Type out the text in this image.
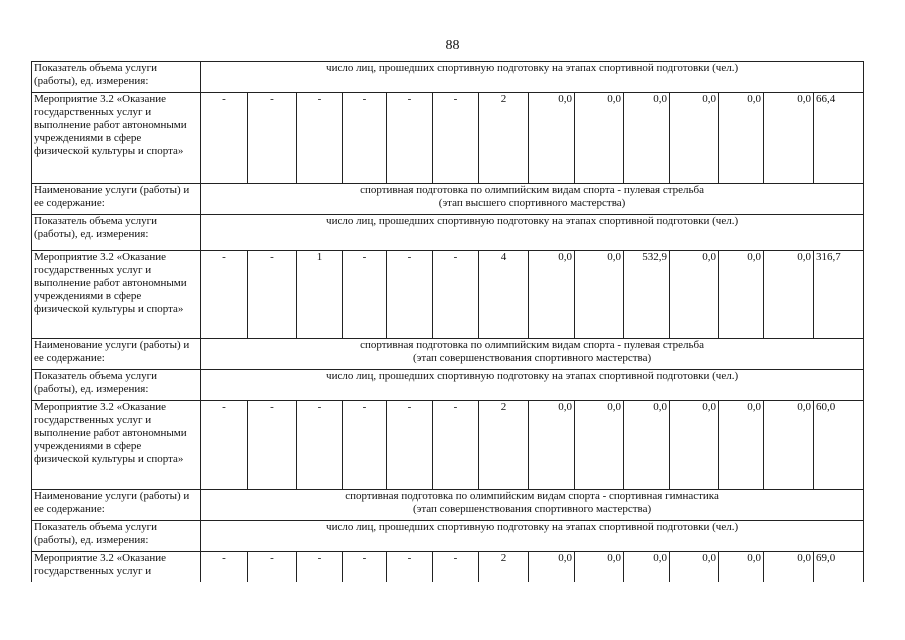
88
Показатель объема услуги (работы), ед. измерения:	число лиц, прошедших спортивную подготовку на этапах спортивной подготовки (чел.)													

Мероприятие 3.2 «Оказание государственных услуг и выполнение работ автономными учреждениями в сфере физической культуры и спорта»	-	-	-	-	-	-	2	0,0	0,0	0,0	0,0	0,0	0,0	66,4
Наименование услуги (работы) и ее содержание:	спортивная подготовка по олимпийским видам спорта - пулевая стрельба
(этап высшего спортивного мастерства)													

Показатель объема услуги (работы), ед. измерения:	число лиц, прошедших спортивную подготовку на этапах спортивной подготовки (чел.)													

Мероприятие 3.2 «Оказание государственных услуг и выполнение работ автономными учреждениями в сфере физической культуры и спорта»	-	-	1	-	-	-	4	0,0	0,0	532,9	0,0	0,0	0,0	316,7
Наименование услуги (работы) и ее содержание:	спортивная подготовка по олимпийским видам спорта - пулевая стрельба
(этап совершенствования спортивного мастерства)													

Показатель объема услуги (работы), ед. измерения:	число лиц, прошедших спортивную подготовку на этапах спортивной подготовки (чел.)													

Мероприятие 3.2 «Оказание государственных услуг и выполнение работ автономными учреждениями в сфере физической культуры и спорта»	-	-	-	-	-	-	2	0,0	0,0	0,0	0,0	0,0	0,0	60,0
Наименование услуги (работы) и ее содержание:	спортивная подготовка по олимпийским видам спорта - спортивная гимнастика
(этап совершенствования спортивного мастерства)													

Показатель объема услуги (работы), ед. измерения:	число лиц, прошедших спортивную подготовку на этапах спортивной подготовки (чел.)													

Мероприятие 3.2 «Оказание государственных услуг и	-	-	-	-	-	-	2	0,0	0,0	0,0	0,0	0,0	0,0	69,0
